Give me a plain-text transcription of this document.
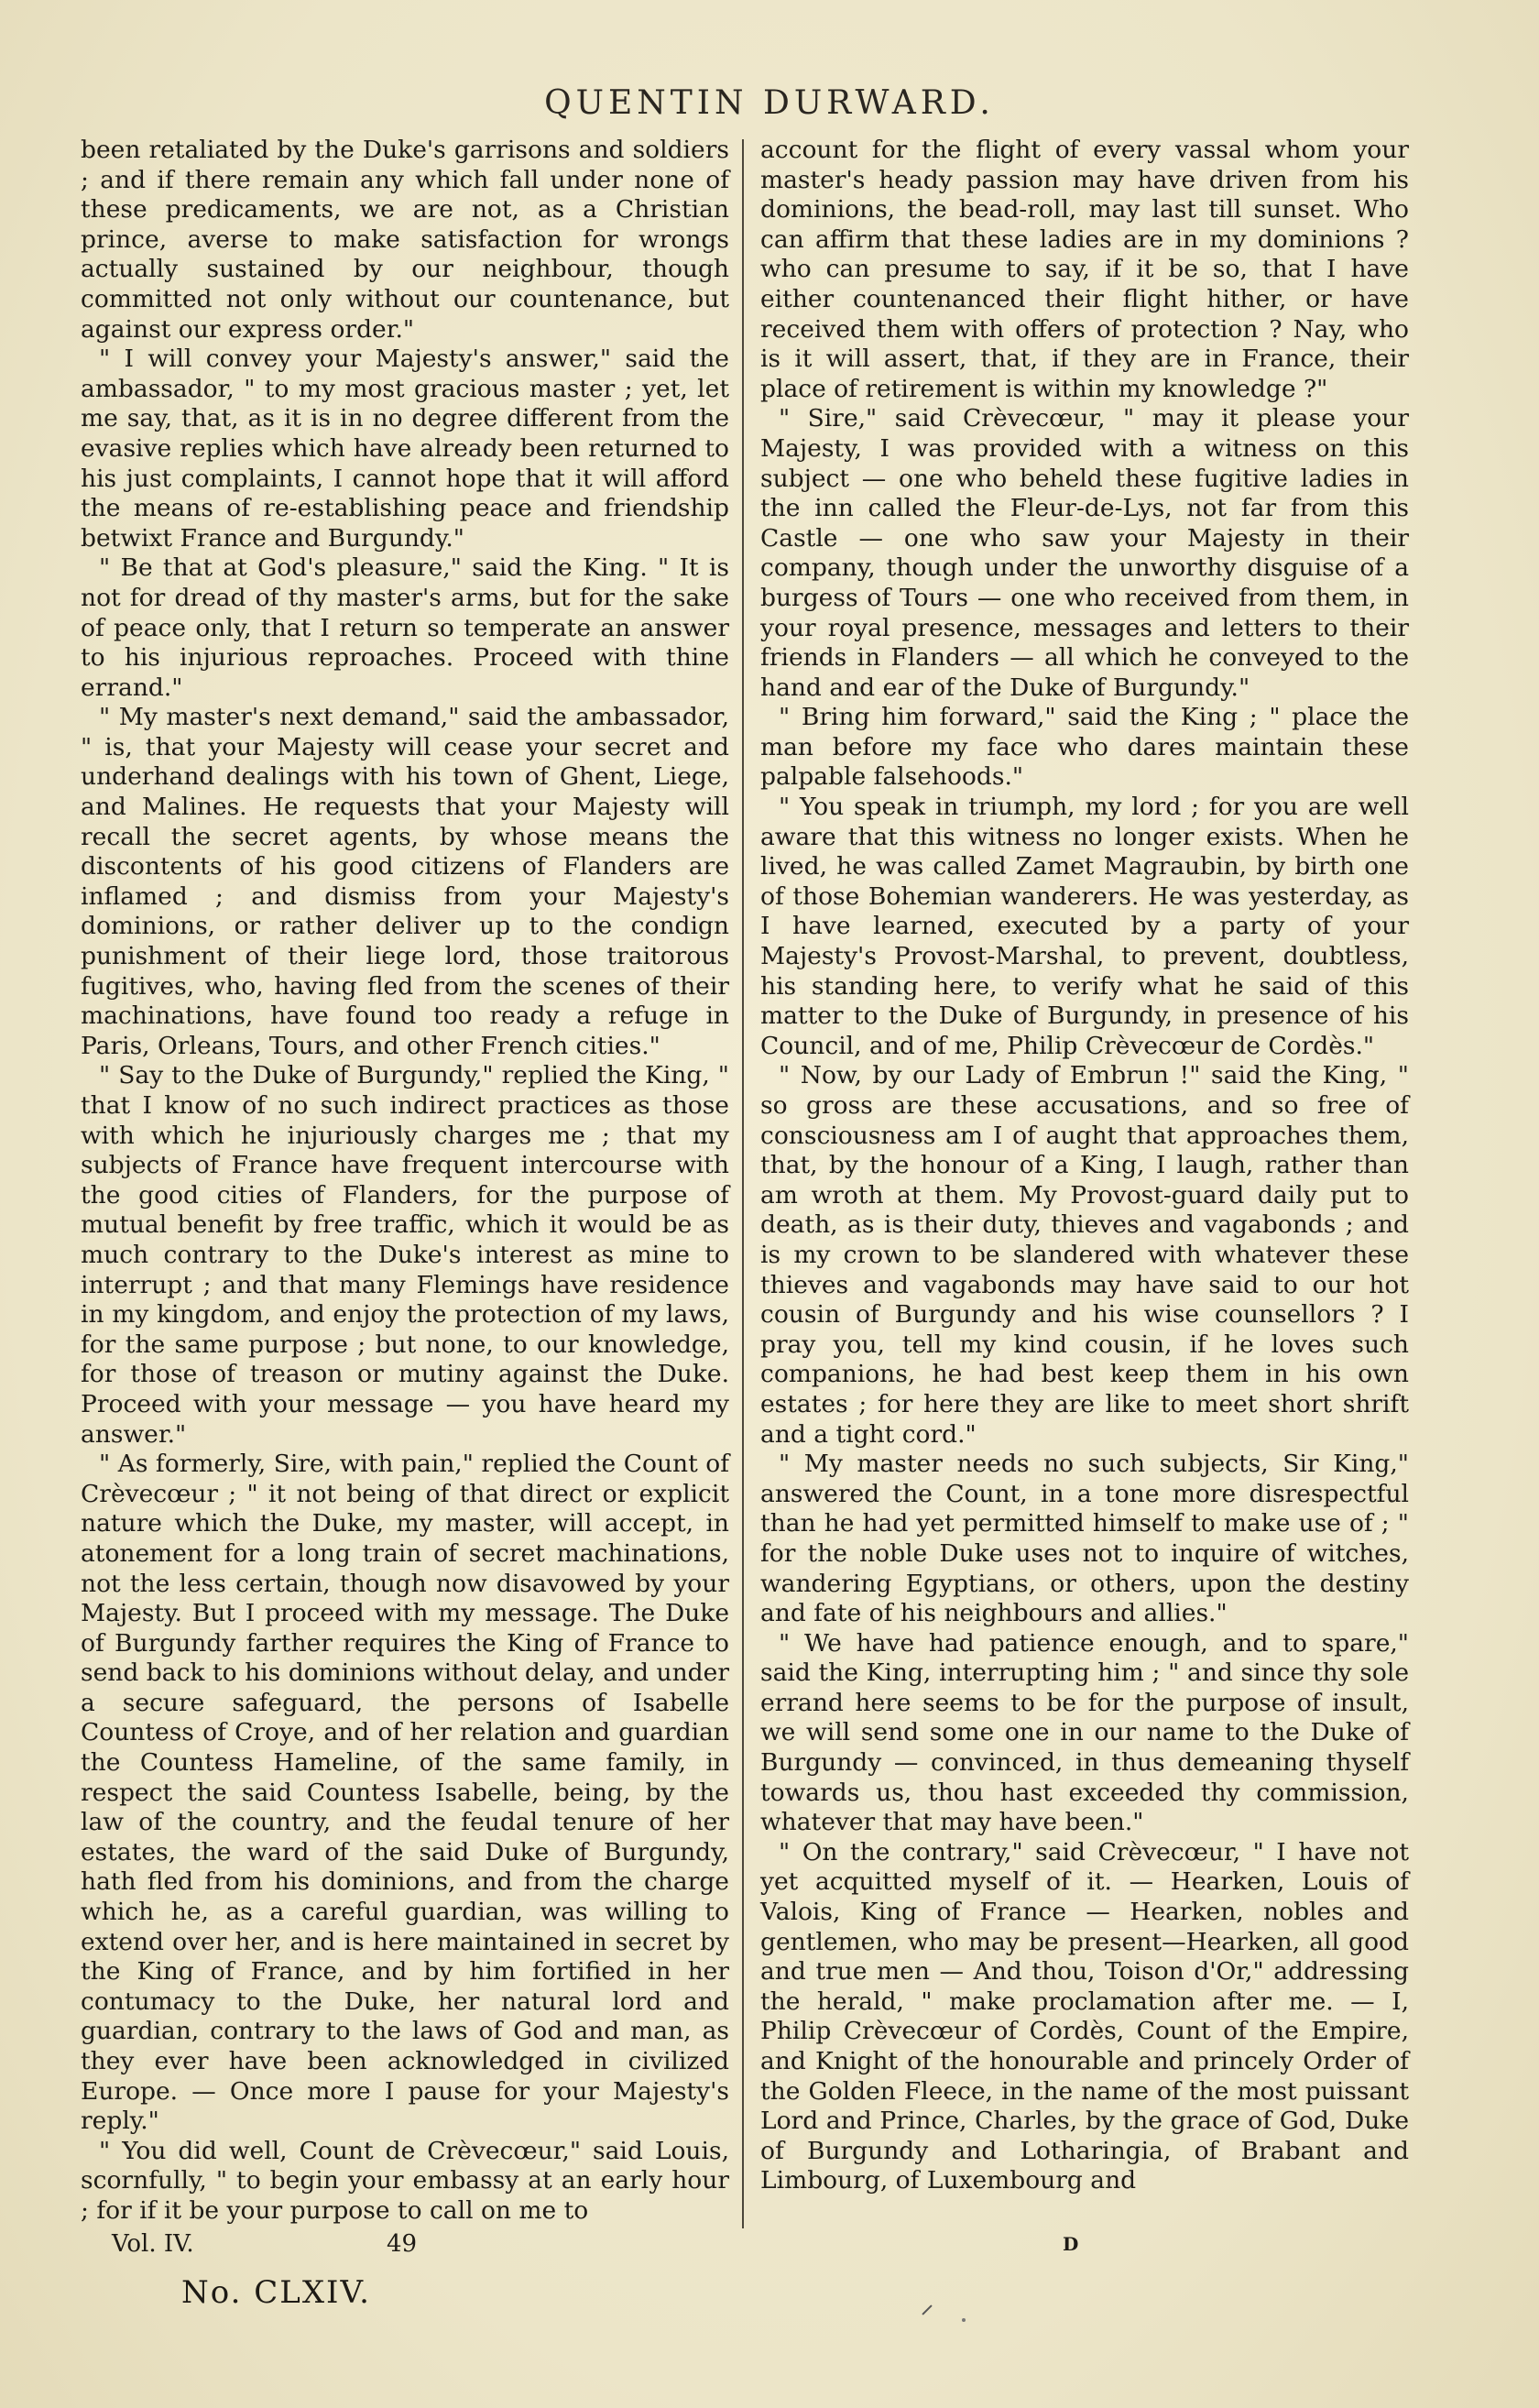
QUENTIN DURWARD.

been retaliated by the Duke's garrisons and soldiers ; and if there remain any which fall under none of these predicaments, we are not, as a Christian prince, averse to make satisfaction for wrongs actually sustained by our neighbour, though committed not only without our countenance, but against our express order."

" I will convey your Majesty's answer," said the ambassador, " to my most gracious master ; yet, let me say, that, as it is in no degree different from the evasive replies which have already been returned to his just complaints, I cannot hope that it will afford the means of re-establishing peace and friendship betwixt France and Burgundy."

" Be that at God's pleasure," said the King. " It is not for dread of thy master's arms, but for the sake of peace only, that I return so temperate an answer to his injurious reproaches. Proceed with thine errand."

" My master's next demand," said the ambassador, " is, that your Majesty will cease your secret and underhand dealings with his town of Ghent, Liege, and Malines. He requests that your Majesty will recall the secret agents, by whose means the discontents of his good citizens of Flanders are inflamed ; and dismiss from your Majesty's dominions, or rather deliver up to the condign punishment of their liege lord, those traitorous fugitives, who, having fled from the scenes of their machinations, have found too ready a refuge in Paris, Orleans, Tours, and other French cities."

" Say to the Duke of Burgundy," replied the King, " that I know of no such indirect practices as those with which he injuriously charges me ; that my subjects of France have frequent intercourse with the good cities of Flanders, for the purpose of mutual benefit by free traffic, which it would be as much contrary to the Duke's interest as mine to interrupt ; and that many Flemings have residence in my kingdom, and enjoy the protection of my laws, for the same purpose ; but none, to our knowledge, for those of treason or mutiny against the Duke. Proceed with your message — you have heard my answer."

" As formerly, Sire, with pain," replied the Count of Crèvecœur ; " it not being of that direct or explicit nature which the Duke, my master, will accept, in atonement for a long train of secret machinations, not the less certain, though now disavowed by your Majesty. But I proceed with my message. The Duke of Burgundy farther requires the King of France to send back to his dominions without delay, and under a secure safeguard, the persons of Isabelle Countess of Croye, and of her relation and guardian the Countess Hameline, of the same family, in respect the said Countess Isabelle, being, by the law of the country, and the feudal tenure of her estates, the ward of the said Duke of Burgundy, hath fled from his dominions, and from the charge which he, as a careful guardian, was willing to extend over her, and is here maintained in secret by the King of France, and by him fortified in her contumacy to the Duke, her natural lord and guardian, contrary to the laws of God and man, as they ever have been acknowledged in civilized Europe. — Once more I pause for your Majesty's reply."

" You did well, Count de Crèvecœur," said Louis, scornfully, " to begin your embassy at an early hour ; for if it be your purpose to call on me to

account for the flight of every vassal whom your master's heady passion may have driven from his dominions, the bead-roll, may last till sunset. Who can affirm that these ladies are in my dominions ? who can presume to say, if it be so, that I have either countenanced their flight hither, or have received them with offers of protection ? Nay, who is it will assert, that, if they are in France, their place of retirement is within my knowledge ?"

" Sire," said Crèvecœur, " may it please your Majesty, I was provided with a witness on this subject — one who beheld these fugitive ladies in the inn called the Fleur-de-Lys, not far from this Castle — one who saw your Majesty in their company, though under the unworthy disguise of a burgess of Tours — one who received from them, in your royal presence, messages and letters to their friends in Flanders — all which he conveyed to the hand and ear of the Duke of Burgundy."

" Bring him forward," said the King ; " place the man before my face who dares maintain these palpable falsehoods."

" You speak in triumph, my lord ; for you are well aware that this witness no longer exists. When he lived, he was called Zamet Magraubin, by birth one of those Bohemian wanderers. He was yesterday, as I have learned, executed by a party of your Majesty's Provost-Marshal, to prevent, doubtless, his standing here, to verify what he said of this matter to the Duke of Burgundy, in presence of his Council, and of me, Philip Crèvecœur de Cordès."

" Now, by our Lady of Embrun !" said the King, " so gross are these accusations, and so free of consciousness am I of aught that approaches them, that, by the honour of a King, I laugh, rather than am wroth at them. My Provost-guard daily put to death, as is their duty, thieves and vagabonds ; and is my crown to be slandered with whatever these thieves and vagabonds may have said to our hot cousin of Burgundy and his wise counsellors ? I pray you, tell my kind cousin, if he loves such companions, he had best keep them in his own estates ; for here they are like to meet short shrift and a tight cord."

" My master needs no such subjects, Sir King," answered the Count, in a tone more disrespectful than he had yet permitted himself to make use of ; " for the noble Duke uses not to inquire of witches, wandering Egyptians, or others, upon the destiny and fate of his neighbours and allies."

" We have had patience enough, and to spare," said the King, interrupting him ; " and since thy sole errand here seems to be for the purpose of insult, we will send some one in our name to the Duke of Burgundy — convinced, in thus demeaning thyself towards us, thou hast exceeded thy commission, whatever that may have been."

" On the contrary," said Crèvecœur, " I have not yet acquitted myself of it. — Hearken, Louis of Valois, King of France — Hearken, nobles and gentlemen, who may be present—Hearken, all good and true men — And thou, Toison d'Or," addressing the herald, " make proclamation after me. — I, Philip Crèvecœur of Cordès, Count of the Empire, and Knight of the honourable and princely Order of the Golden Fleece, in the name of the most puissant Lord and Prince, Charles, by the grace of God, Duke of Burgundy and Lotharingia, of Brabant and Limbourg, of Luxembourg and

Vol. IV.	49	D
No. CLXIV.
